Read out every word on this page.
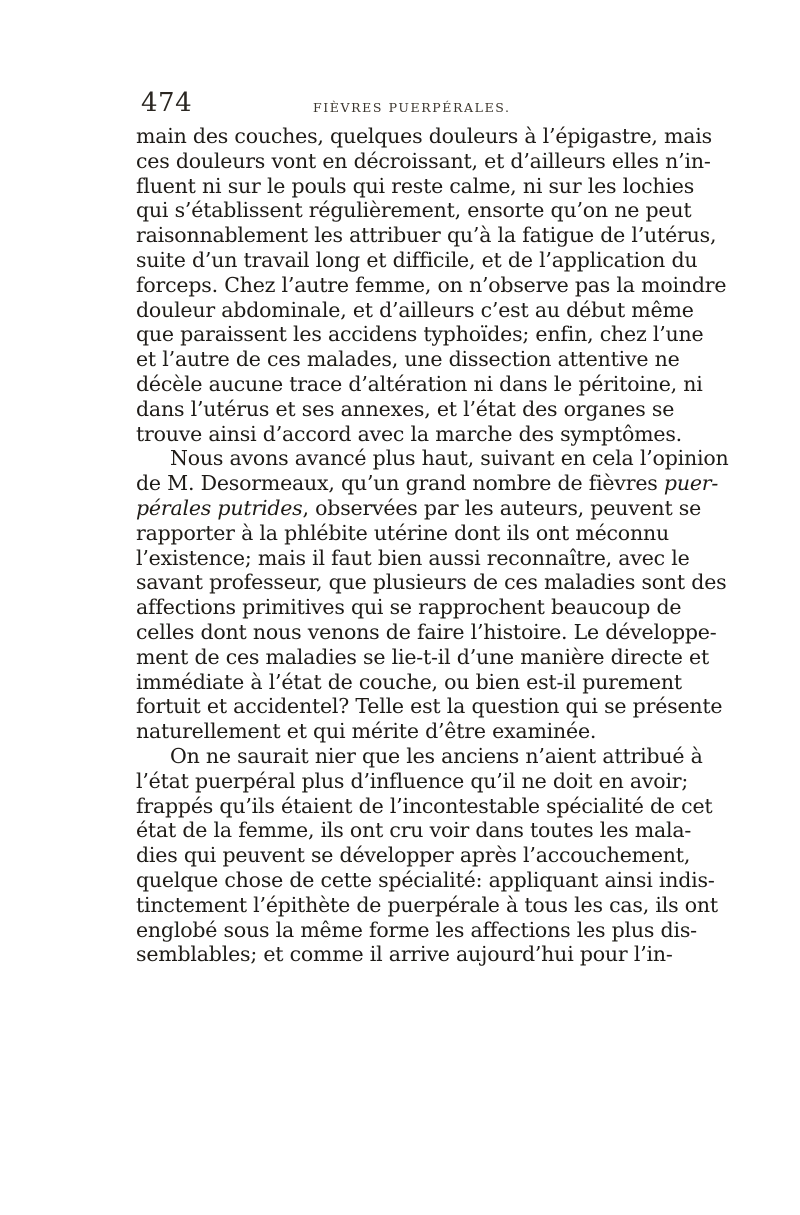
474	FIÈVRES PUERPÉRALES.
main des couches, quelques douleurs à l’épigastre, mais
ces douleurs vont en décroissant, et d’ailleurs elles n’in-
fluent ni sur le pouls qui reste calme, ni sur les lochies
qui s’établissent régulièrement, ensorte qu’on ne peut
raisonnablement les attribuer qu’à la fatigue de l’utérus,
suite d’un travail long et difficile, et de l’application du
forceps. Chez l’autre femme, on n’observe pas la moindre
douleur abdominale, et d’ailleurs c’est au début même
que paraissent les accidens typhoïdes; enfin, chez l’une
et l’autre de ces malades, une dissection attentive ne
décèle aucune trace d’altération ni dans le péritoine, ni
dans l’utérus et ses annexes, et l’état des organes se
trouve ainsi d’accord avec la marche des symptômes.
Nous avons avancé plus haut, suivant en cela l’opinion
de M. Desormeaux, qu’un grand nombre de fièvres puer-
pérales putrides, observées par les auteurs, peuvent se
rapporter à la phlébite utérine dont ils ont méconnu
l’existence; mais il faut bien aussi reconnaître, avec le
savant professeur, que plusieurs de ces maladies sont des
affections primitives qui se rapprochent beaucoup de
celles dont nous venons de faire l’histoire. Le développe-
ment de ces maladies se lie-t-il d’une manière directe et
immédiate à l’état de couche, ou bien est-il purement
fortuit et accidentel? Telle est la question qui se présente
naturellement et qui mérite d’être examinée.
On ne saurait nier que les anciens n’aient attribué à
l’état puerpéral plus d’influence qu’il ne doit en avoir;
frappés qu’ils étaient de l’incontestable spécialité de cet
état de la femme, ils ont cru voir dans toutes les mala-
dies qui peuvent se développer après l’accouchement,
quelque chose de cette spécialité: appliquant ainsi indis-
tinctement l’épithète de puerpérale à tous les cas, ils ont
englobé sous la même forme les affections les plus dis-
semblables; et comme il arrive aujourd’hui pour l’in-
